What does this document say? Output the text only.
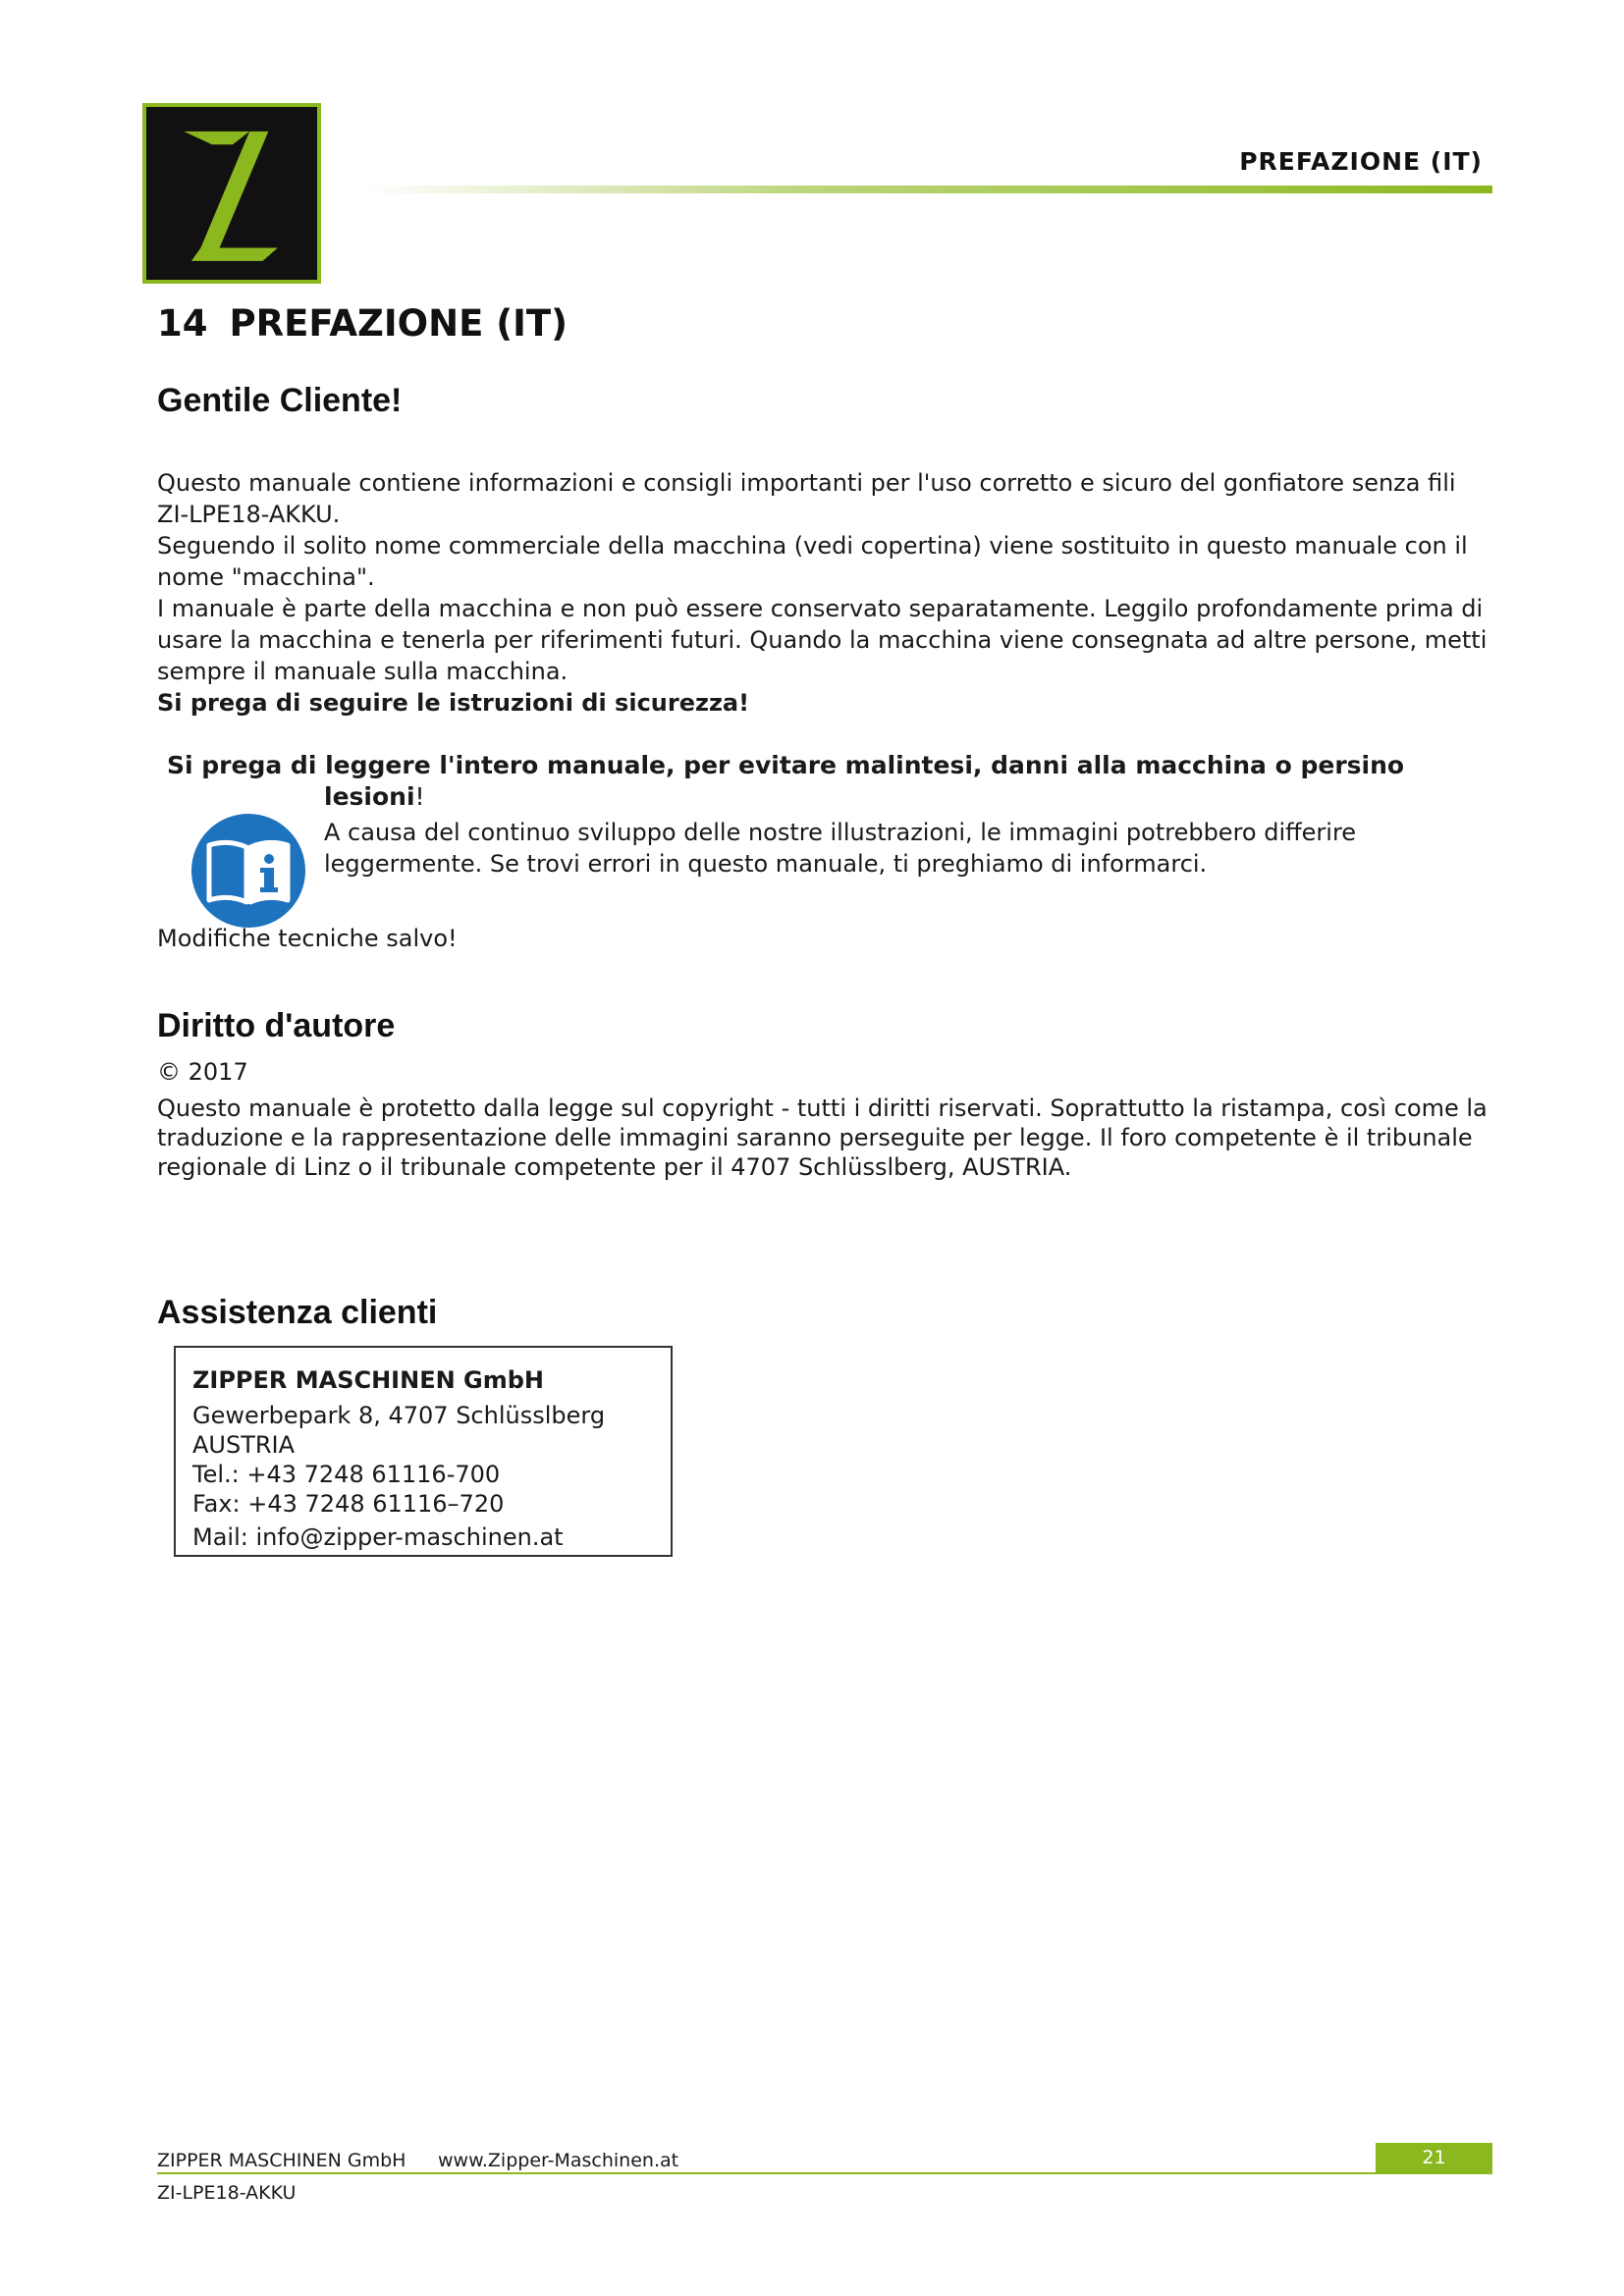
PREFAZIONE (IT)
14 PREFAZIONE (IT)
Gentile Cliente!
Questo manuale contiene informazioni e consigli importanti per l'uso corretto e sicuro del gonfiatore senza fili ZI-LPE18-AKKU.
Seguendo il solito nome commerciale della macchina (vedi copertina) viene sostituito in questo manuale con il nome "macchina".
I manuale è parte della macchina e non può essere conservato separatamente. Leggilo profondamente prima di usare la macchina e tenerla per riferimenti futuri. Quando la macchina viene consegnata ad altre persone, metti sempre il manuale sulla macchina.
Si prega di seguire le istruzioni di sicurezza!
Si prega di leggere l'intero manuale, per evitare malintesi, danni alla macchina o persino
lesioni!
A causa del continuo sviluppo delle nostre illustrazioni, le immagini potrebbero differire leggermente. Se trovi errori in questo manuale, ti preghiamo di informarci.
Modifiche tecniche salvo!
Diritto d'autore
© 2017
Questo manuale è protetto dalla legge sul copyright - tutti i diritti riservati. Soprattutto la ristampa, così come la traduzione e la rappresentazione delle immagini saranno perseguite per legge. Il foro competente è il tribunale regionale di Linz o il tribunale competente per il 4707 Schlüsslberg, AUSTRIA.
Assistenza clienti
ZIPPER MASCHINEN GmbH
Gewerbepark 8, 4707 Schlüsslberg
AUSTRIA
Tel.: +43 7248 61116-700
Fax: +43 7248 61116–720
Mail: info@zipper-maschinen.at
ZIPPER MASCHINEN GmbH www.Zipper-Maschinen.at	21
ZI-LPE18-AKKU
